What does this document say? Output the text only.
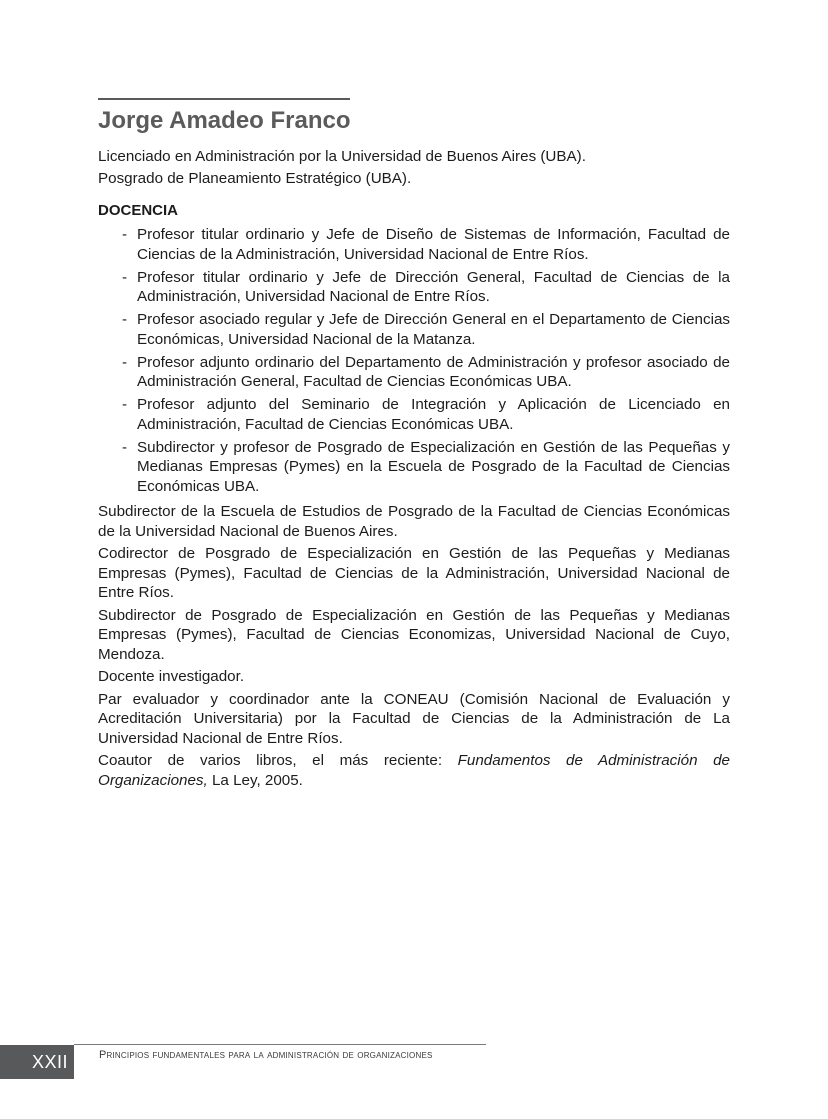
Jorge Amadeo Franco
Licenciado en Administración por la Universidad de Buenos Aires (UBA).
Posgrado de Planeamiento Estratégico (UBA).
DOCENCIA
- Profesor titular ordinario y Jefe de Diseño de Sistemas de Información, Facultad de Ciencias de la Administración, Universidad Nacional de Entre Ríos.
- Profesor titular ordinario y Jefe de Dirección General, Facultad de Ciencias de la Administración, Universidad Nacional de Entre Ríos.
- Profesor asociado regular y Jefe de Dirección General en el Departamento de Ciencias Económicas, Universidad Nacional de la Matanza.
- Profesor adjunto ordinario del Departamento de Administración y profesor asociado de Administración General, Facultad de Ciencias Económicas UBA.
- Profesor adjunto del Seminario de Integración y Aplicación de Licenciado en Administración, Facultad de Ciencias Económicas UBA.
- Subdirector y profesor de Posgrado de Especialización en Gestión de las Pequeñas y Medianas Empresas (Pymes) en la Escuela de Posgrado de la Facultad de Ciencias Económicas UBA.

Subdirector de la Escuela de Estudios de Posgrado de la Facultad de Ciencias Económicas de la Universidad Nacional de Buenos Aires.

Codirector de Posgrado de Especialización en Gestión de las Pequeñas y Medianas Empresas (Pymes), Facultad de Ciencias de la Administración, Universidad Nacional de Entre Ríos.

Subdirector de Posgrado de Especialización en Gestión de las Pequeñas y Medianas Empresas (Pymes), Facultad de Ciencias Economizas, Universidad Nacional de Cuyo, Mendoza.

Docente investigador.

Par evaluador y coordinador ante la CONEAU (Comisión Nacional de Evaluación y Acreditación Universitaria) por la Facultad de Ciencias de la Administración de La Universidad Nacional de Entre Ríos.

Coautor de varios libros, el más reciente: Fundamentos de Administración de Organizaciones, La Ley, 2005.

XXII	Principios fundamentales para la administración de organizaciones
